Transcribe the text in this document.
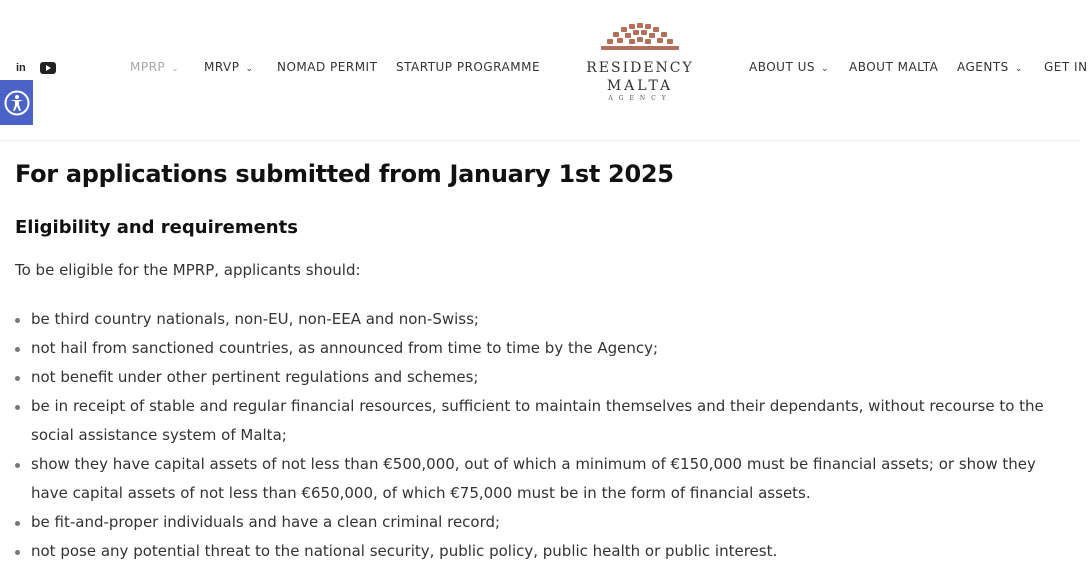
in	MPRP ⌄ MRVP ⌄ NOMAD PERMIT STARTUP PROGRAMME	ABOUT US ⌄ ABOUT MALTA AGENTS ⌄ GET IN
RESIDENCY
MALTA
AGENCY
For applications submitted from January 1st 2025
Eligibility and requirements

To be eligible for the MPRP, applicants should:

be third country nationals, non-EU, non-EEA and non-Swiss;
not hail from sanctioned countries, as announced from time to time by the Agency;
not benefit under other pertinent regulations and schemes;
be in receipt of stable and regular financial resources, sufficient to maintain themselves and their dependants, without recourse to the social assistance system of Malta;
show they have capital assets of not less than €500,000, out of which a minimum of €150,000 must be financial assets; or show they have capital assets of not less than €650,000, of which €75,000 must be in the form of financial assets.
be fit-and-proper individuals and have a clean criminal record;
not pose any potential threat to the national security, public policy, public health or public interest.
